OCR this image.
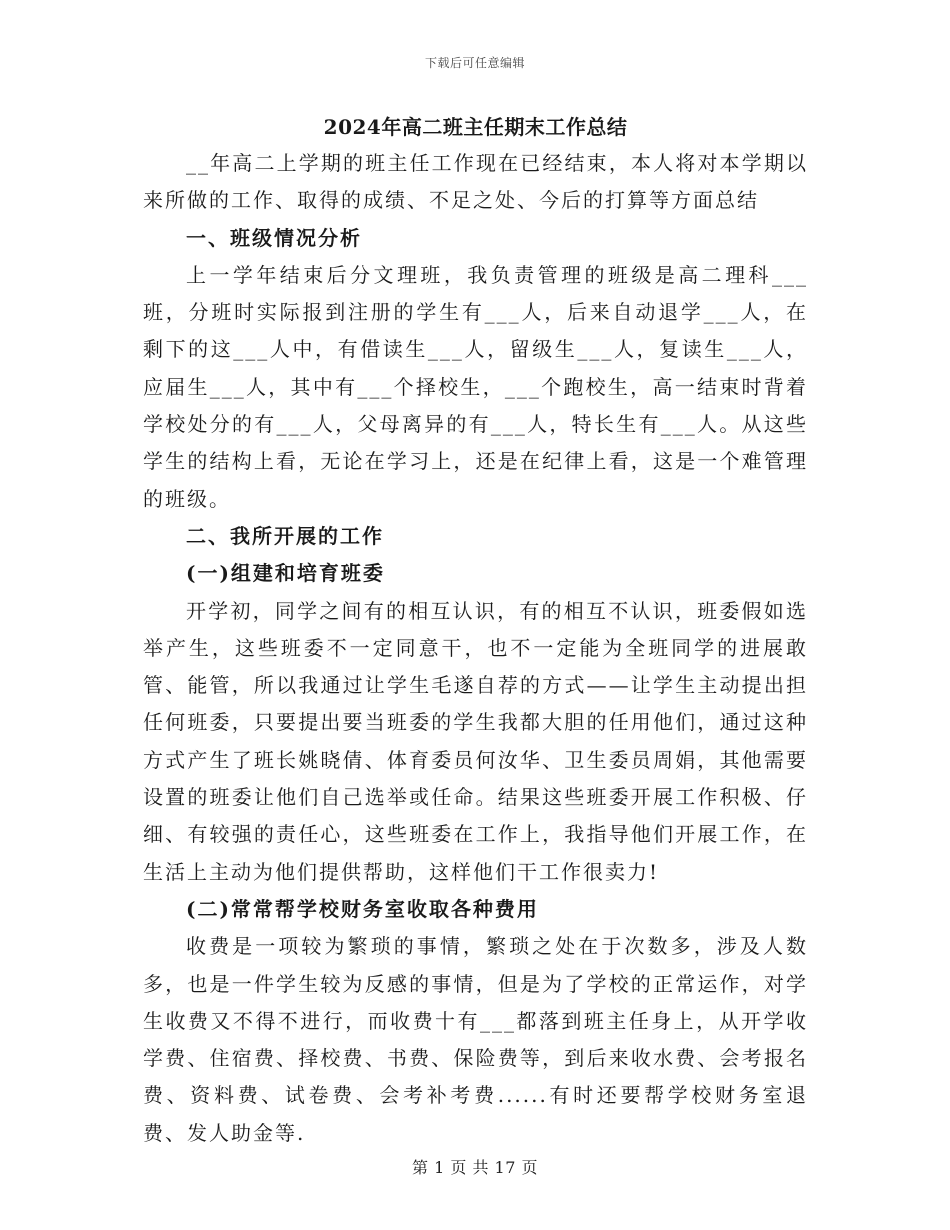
下载后可任意编辑
2024年高二班主任期末工作总结

__年高二上学期的班主任工作现在已经结束，本人将对本学期以来所做的工作、取得的成绩、不足之处、今后的打算等方面总结

一、班级情况分析

上一学年结束后分文理班，我负责管理的班级是高二理科___班，分班时实际报到注册的学生有___人，后来自动退学___人，在剩下的这___人中，有借读生___人，留级生___人，复读生___人，应届生___人，其中有___个择校生，___个跑校生，高一结束时背着学校处分的有___人，父母离异的有___人，特长生有___人。从这些学生的结构上看，无论在学习上，还是在纪律上看，这是一个难管理的班级。

二、我所开展的工作

(一)组建和培育班委

开学初，同学之间有的相互认识，有的相互不认识，班委假如选举产生，这些班委不一定同意干，也不一定能为全班同学的进展敢管、能管，所以我通过让学生毛遂自荐的方式——让学生主动提出担任何班委，只要提出要当班委的学生我都大胆的任用他们，通过这种方式产生了班长姚晓倩、体育委员何汝华、卫生委员周娟，其他需要设置的班委让他们自己选举或任命。结果这些班委开展工作积极、仔细、有较强的责任心，这些班委在工作上，我指导他们开展工作，在生活上主动为他们提供帮助，这样他们干工作很卖力!

(二)常常帮学校财务室收取各种费用

收费是一项较为繁琐的事情，繁琐之处在于次数多，涉及人数多，也是一件学生较为反感的事情，但是为了学校的正常运作，对学生收费又不得不进行，而收费十有___都落到班主任身上，从开学收学费、住宿费、择校费、书费、保险费等，到后来收水费、会考报名费、资料费、试卷费、会考补考费......有时还要帮学校财务室退费、发人助金等.

第 1 页 共 17 页
